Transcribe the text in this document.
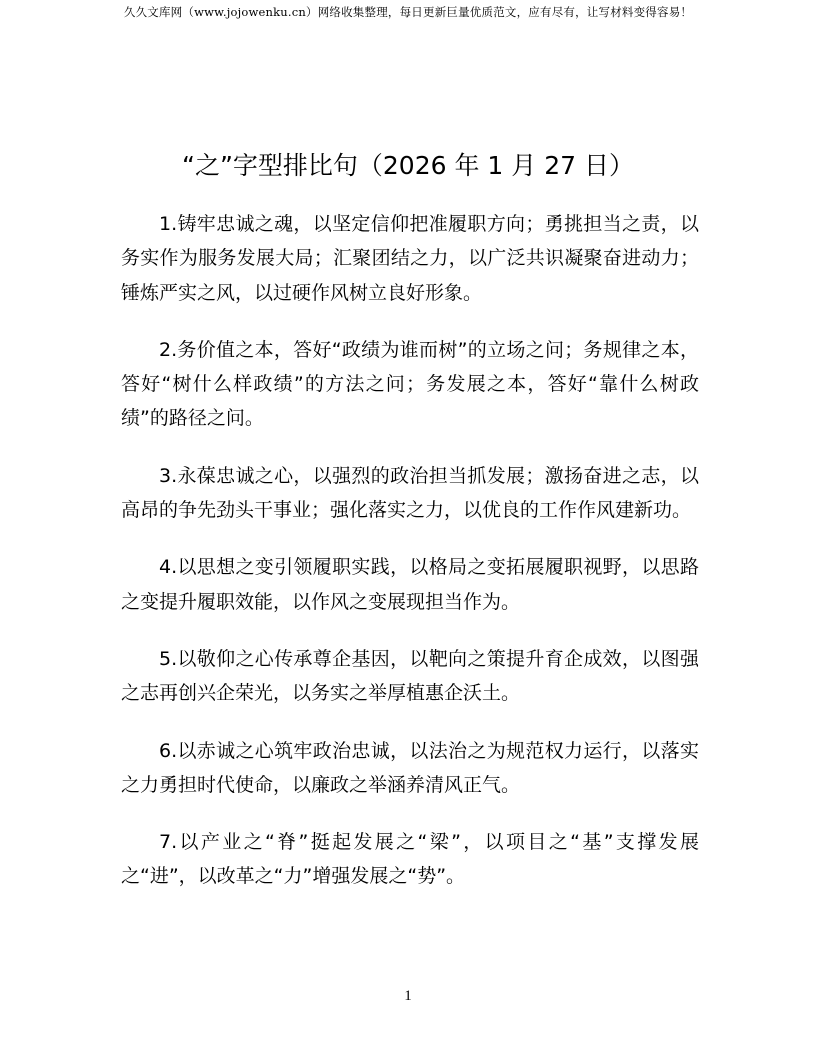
久久文库网（www.jojowenku.cn）网络收集整理，每日更新巨量优质范文，应有尽有，让写材料变得容易！
“之”字型排比句（2026 年 1 月 27 日）

1.铸牢忠诚之魂，以坚定信仰把准履职方向；勇挑担当之责，以务实作为服务发展大局；汇聚团结之力，以广泛共识凝聚奋进动力；锤炼严实之风，以过硬作风树立良好形象。

2.务价值之本，答好“政绩为谁而树”的立场之问；务规律之本，答好“树什么样政绩”的方法之问；务发展之本，答好“靠什么树政绩”的路径之问。

3.永葆忠诚之心，以强烈的政治担当抓发展；激扬奋进之志，以高昂的争先劲头干事业；强化落实之力，以优良的工作作风建新功。

4.以思想之变引领履职实践，以格局之变拓展履职视野，以思路之变提升履职效能，以作风之变展现担当作为。

5.以敬仰之心传承尊企基因，以靶向之策提升育企成效，以图强之志再创兴企荣光，以务实之举厚植惠企沃土。

6.以赤诚之心筑牢政治忠诚，以法治之为规范权力运行，以落实之力勇担时代使命，以廉政之举涵养清风正气。

7.以产业之“脊”挺起发展之“梁”，以项目之“基”支撑发展之“进”，以改革之“力”增强发展之“势”。

1
